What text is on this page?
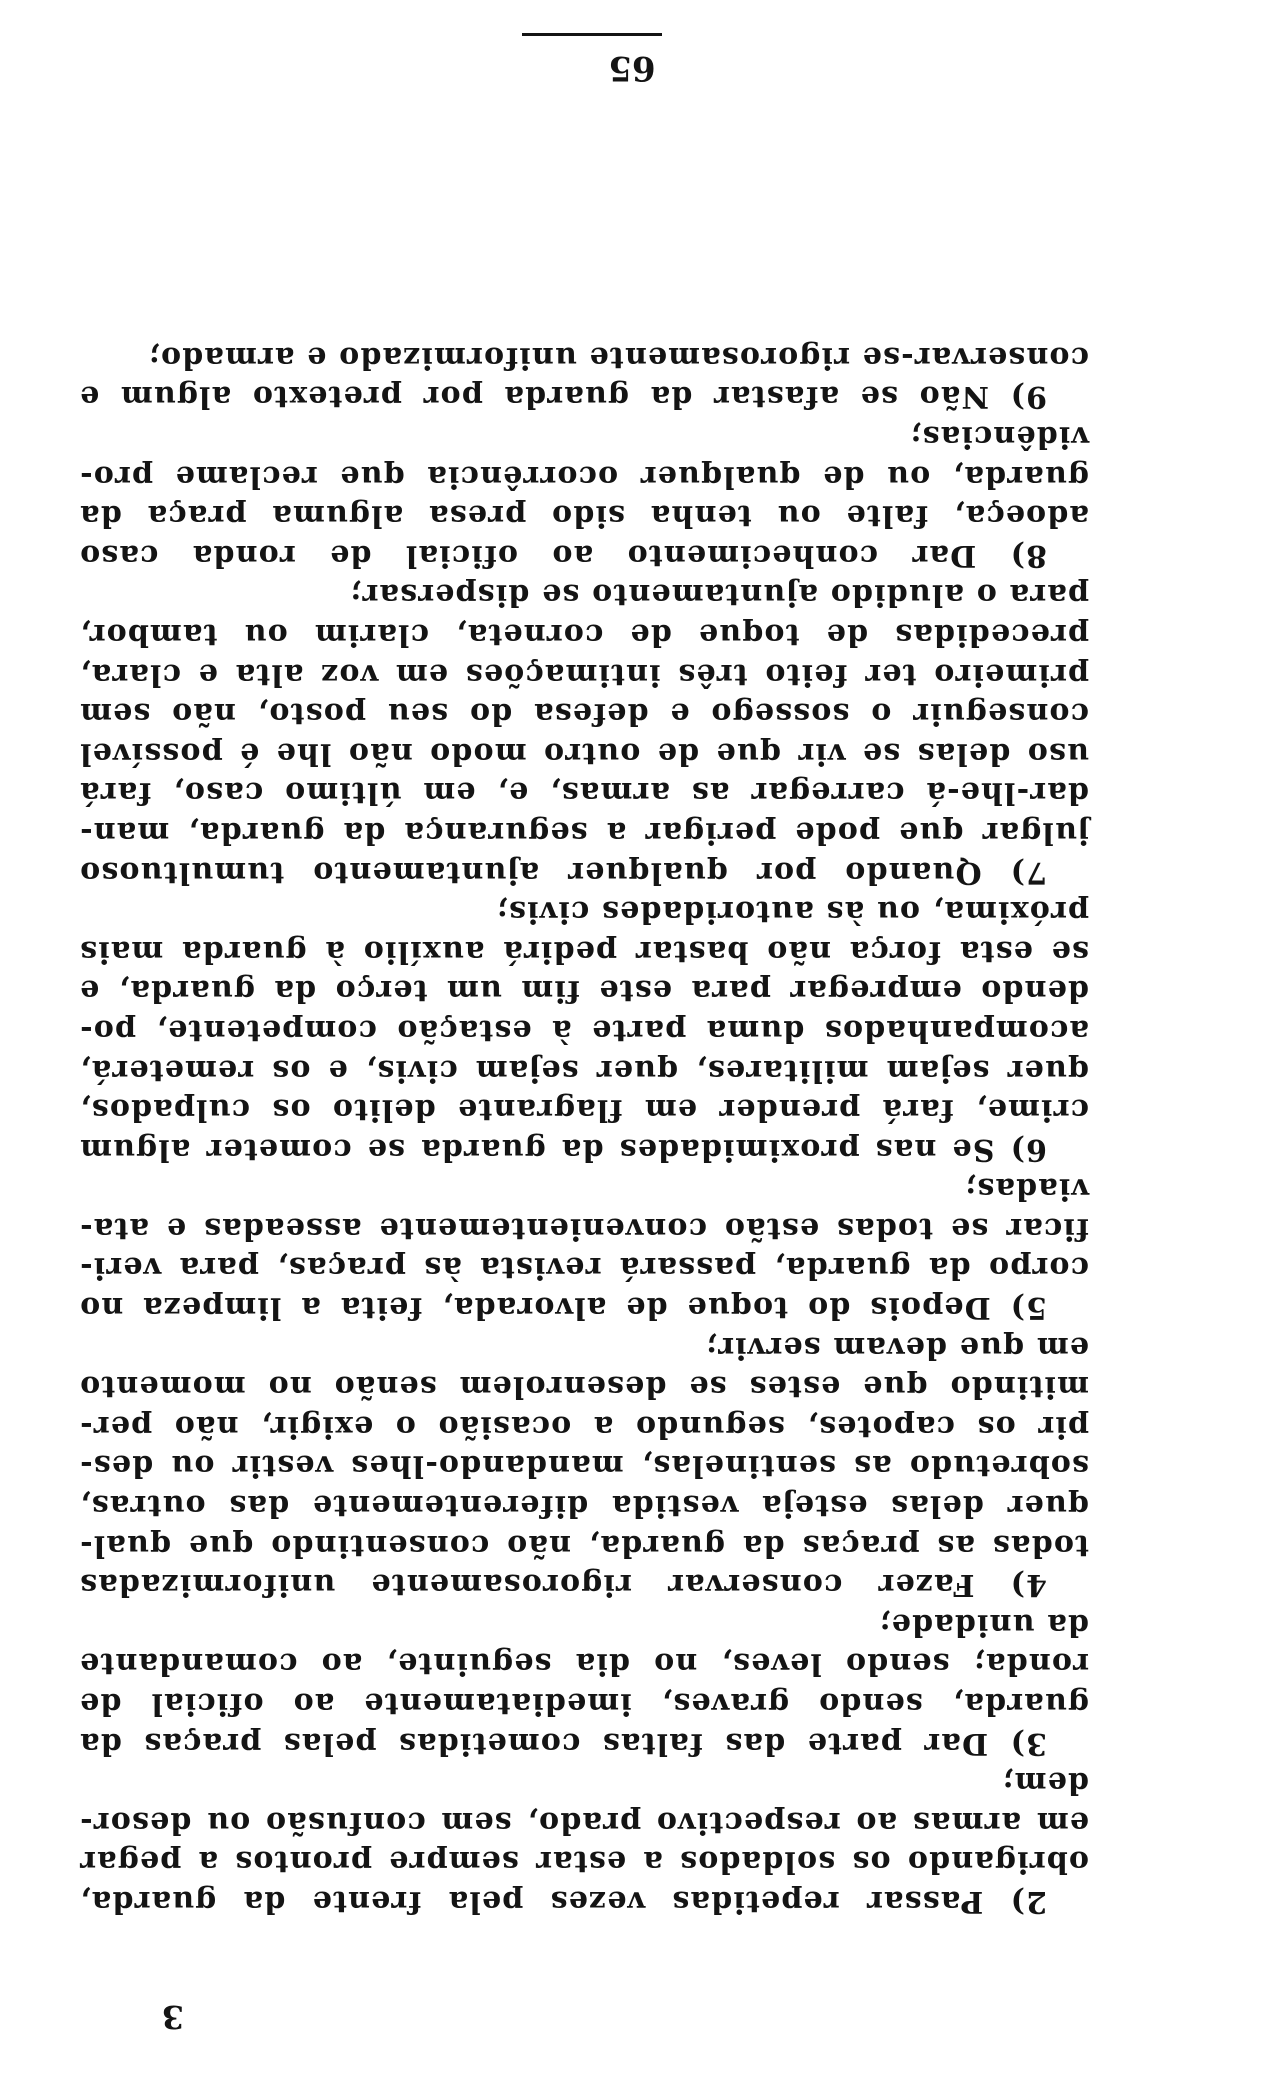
65
2) Passar repetidas vezes pela frente da guarda,
obrigando os soldados a estar sempre prontos a pegar
em armas ao respectivo prado, sem confusão ou desor-
dem;
3) Dar parte das faltas cometidas pelas praças da
guarda, sendo graves, imediatamente ao oficial de
ronda; sendo leves, no dia seguinte, ao comandante
da unidade;
4) Fazer conservar rigorosamente uniformizadas
todas as praças da guarda, não consentindo que qual-
quer delas esteja vestida diferentemente das outras,
sobretudo as sentinelas, mandando-lhes vestir ou des-
pir os capotes, segundo a ocasião o exigir, não per-
mitindo que estes se desenrolem senão no momento
em que devam servir;
5) Depois do toque de alvorada, feita a limpeza no
corpo da guarda, passará revista às praças, para veri-
ficar se todas estão convenientemente asseadas e ata-
viadas;
6) Se nas proximidades da guarda se cometer algum
crime, fará prender em flagrante delito os culpados,
quer sejam militares, quer sejam civis, e os remeterá,
acompanhados duma parte à estação competente, po-
dendo empregar para este fim um terço da guarda, e
se esta força não bastar pedirá auxílio à guarda mais
próxima, ou às autoridades civis;
7) Quando por qualquer ajuntamento tumultuoso
julgar que pode perigar a segurança da guarda, man-
dar-lhe-á carregar as armas, e, em último caso, fará
uso delas se vir que de outro modo não lhe é possível
conseguir o sossego e defesa do seu posto, não sem
primeiro ter feito três intimações em voz alta e clara,
precedidas de toque de corneta, clarim ou tambor,
para o aludido ajuntamento se dispersar;
8) Dar conhecimento ao oficial de ronda caso
adoeça, falte ou tenha sido presa alguma praça da
guarda, ou de qualquer ocorrência que reclame pro-
vidências;
9) Não se afastar da guarda por pretexto algum e
conservar-se rigorosamente uniformizado e armado;
3
